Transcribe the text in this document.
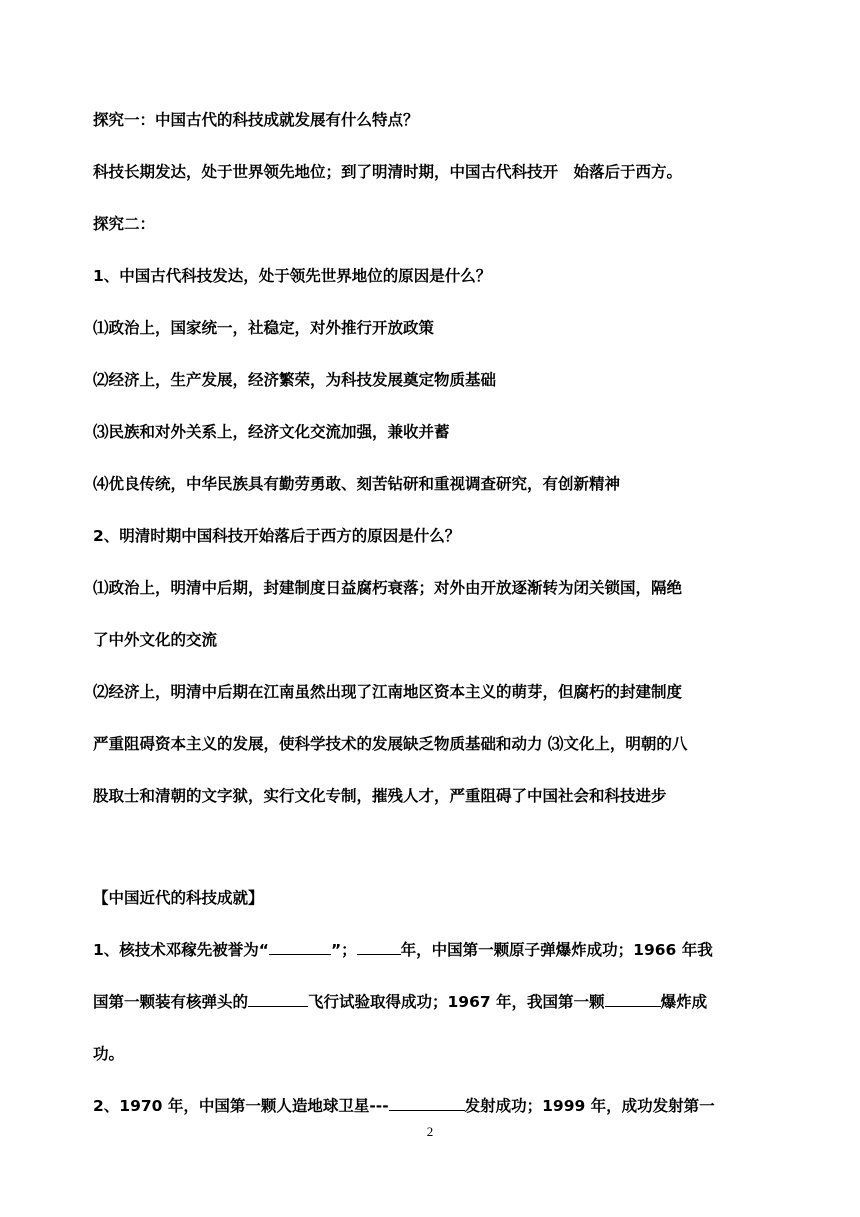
探究一：中国古代的科技成就发展有什么特点？
科技长期发达，处于世界领先地位；到了明清时期，中国古代科技开　始落后于西方。
探究二：
1、中国古代科技发达，处于领先世界地位的原因是什么？
⑴政治上，国家统一，社稳定，对外推行开放政策
⑵经济上，生产发展，经济繁荣，为科技发展奠定物质基础
⑶民族和对外关系上，经济文化交流加强，兼收并蓄
⑷优良传统，中华民族具有勤劳勇敢、刻苦钻研和重视调查研究，有创新精神
2、明清时期中国科技开始落后于西方的原因是什么？
⑴政治上，明清中后期，封建制度日益腐朽衰落；对外由开放逐渐转为闭关锁国，隔绝
了中外文化的交流
⑵经济上，明清中后期在江南虽然出现了江南地区资本主义的萌芽，但腐朽的封建制度
严重阻碍资本主义的发展，使科学技术的发展缺乏物质基础和动力 ⑶文化上，明朝的八
股取士和清朝的文字狱，实行文化专制，摧残人才，严重阻碍了中国社会和科技进步
【中国近代的科技成就】
1、核技术邓稼先被誉为“	”；	年，中国第一颗原子弹爆炸成功；1966 年我
国第一颗装有核弹头的	飞行试验取得成功；1967 年，我国第一颗	爆炸成
功。
2、1970 年，中国第一颗人造地球卫星---	发射成功；1999 年，成功发射第一
2
